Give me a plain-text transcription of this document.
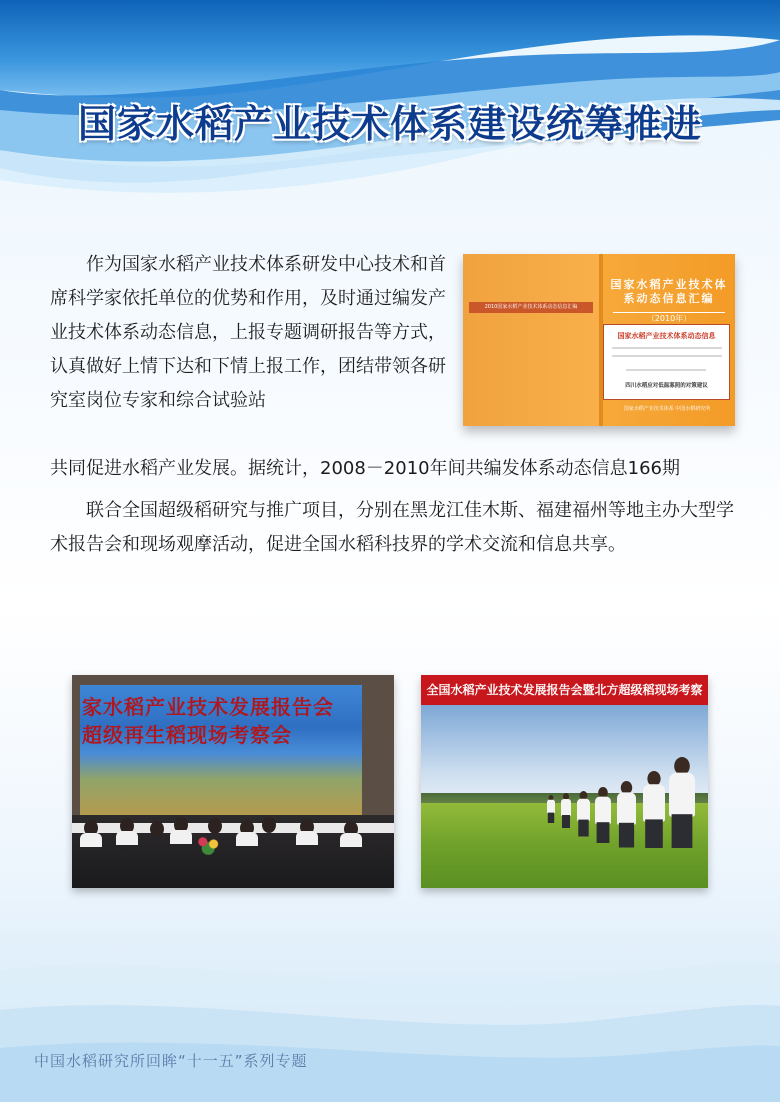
国家水稻产业技术体系建设统筹推进

作为国家水稻产业技术体系研发中心技术和首席科学家依托单位的优势和作用，及时通过编发产业技术体系动态信息，上报专题调研报告等方式，认真做好上情下达和下情上报工作，团结带领各研究室岗位专家和综合试验站

共同促进水稻产业发展。据统计，2008－2010年间共编发体系动态信息166期

联合全国超级稻研究与推广项目，分别在黑龙江佳木斯、福建福州等地主办大型学术报告会和现场观摩活动，促进全国水稻科技界的学术交流和信息共享。

2010国家水稻产业技术体系动态信息汇编
国家水稻产业技术体系动态信息汇编
（2010年）
国家水稻产业技术体系动态信息
四川水稻应对低温寡照的对策建议
国家水稻产业技术体系 中国水稻研究所
家水稻产业技术发展报告会
超级再生稻现场考察会
全国水稻产业技术发展报告会暨北方超级稻现场考察
中国水稻研究所回眸“十一五”系列专题
